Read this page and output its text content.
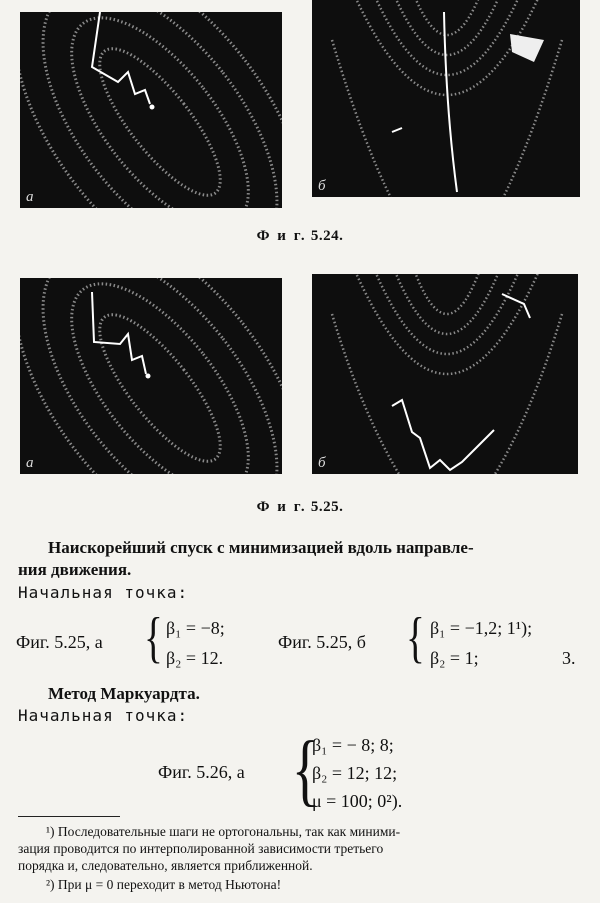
a
б
Ф и г. 5.24.
a	б
Ф и г. 5.25.
Наискорейший спуск с минимизацией вдоль направле-
ния движения.
Начальная точка:
Фиг. 5.25, a { β₁ = −8;
β₂ = 12.
Фиг. 5.25, б { β₁ = −1,2; 1¹);
β₂ = 1;	3.
Метод Маркуардта.
Начальная точка:
Фиг. 5.26, a {
β₁ = − 8; 8;
β₂ = 12; 12;
μ = 100; 0²).
¹) Последовательные шаги не ортогональны, так как миними-
зация проводится по интерполированной зависимости третьего
порядка и, следовательно, является приближенной.
²) При μ = 0 переходит в метод Ньютона!
